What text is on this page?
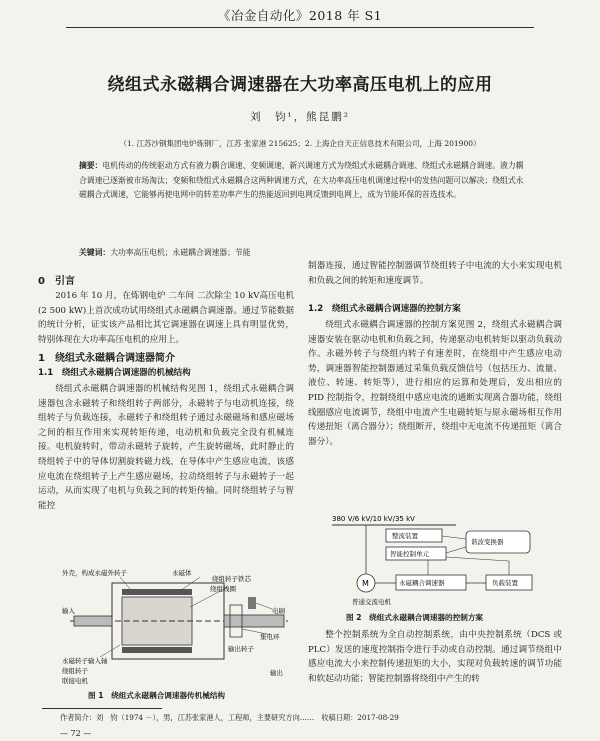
《冶金自动化》2018 年 S1
绕组式永磁耦合调速器在大功率高压电机上的应用
刘　钧¹，熊昆鹏²
（1. 江苏沙钢集团电炉炼钢厂，江苏 张家港 215625；2. 上海企自天正信息技术有限公司，上海 201900）
摘要：电机传动的传统驱动方式有液力耦合调速、变频调速，新兴调速方式为绕组式永磁耦合调速、绕组式永磁耦合调速。液力耦合调速已逐渐被市场淘汰；变频和绕组式永磁耦合这两种调速方式，在大功率高压电机调速过程中的发热问题可以解决；绕组式永磁耦合式调速，它能够再使电网中的转差功率产生的热能返回到电网反馈到电网上，成为节能环保的首选技术。
关键词：大功率高压电机；永磁耦合调速器；节能
0　引言

2016 年 10 月，在炼钢电炉 二车间 二次除尘 10 kV高压电机(2 500 kW)上首次成功试用绕组式永磁耦合调速器。通过节能数据的统计分析，证实该产品相比其它调速器在调速上具有明显优势，特别体现在大功率高压电机的应用上。

1　绕组式永磁耦合调速器简介
1.1　绕组式永磁耦合调速器的机械结构

绕组式永磁耦合调速器的机械结构见图 1，绕组式永磁耦合调速器包含永磁转子和绕组转子两部分，永磁转子与电动机连接，绕组转子与负载连接，永磁转子和绕组转子通过永磁磁场和感应磁场之间的相互作用来实现转矩传递，电动机和负载完全没有机械连接。电机旋转时，带动永磁转子旋转，产生旋转磁场，此时静止的绕组转子中的导体切割旋转磁力线，在导体中产生感应电流，该感应电流在绕组转子上产生感应磁场，拉动绕组转子与永磁转子一起运动，从而实现了电机与负载之间的转矩传输。同时绕组转子与智能控

外壳，构成永磁外转子	永磁体
绕组转子铁芯
绕组线圈
电刷
集电环
输出转子
永磁转子输入轴
绕组转子
联接电机
输出
输入
图 1　绕组式永磁耦合调速器传机械结构

制器连接，通过智能控制器调节绕组转子中电流的大小来实现电机和负载之间的转矩和速度调节。

1.2　绕组式永磁耦合调速器的控制方案

绕组式永磁耦合调速器的控制方案见图 2，绕组式永磁耦合调速器安装在驱动电机和负载之间，传递驱动电机转矩以驱动负载动作。永磁外转子与绕组内转子有速差时，在绕组中产生感应电动势，调速器智能控制器通过采集负载反馈信号（包括压力、流量、液位、转速、转矩等），进行相应的运算和处理后，发出相应的 PID 控制指令，控制绕组中感应电流的通断实现离合器功能，绕组线圈感应电流调节，绕组中电流产生电磁转矩与原永磁场相互作用传递扭矩（离合器分）；绕组断开，绕组中无电流不传递扭矩（离合器分）。

380 V/6 kV/10 kV/35 kV
整流装置
智能控制单元
谐波变换器
M	永磁耦合调速器	负载装置
普通交流电机
图 2　绕组式永磁耦合调速器的控制方案

整个控制系统为全自动控制系统，由中央控制系统（DCS 或 PLC）发送的速度控制指令进行手动或自动控制。通过调节绕组中感应电流大小来控制传递扭矩的大小，实现对负载转速的调节功能和软起动功能；智能控制器将绕组中产生的转

作者简介：刘　钧（1974 －），男，江苏张家港人，工程师，主要研究方向……　收稿日期：2017-08-29
— 72 —
